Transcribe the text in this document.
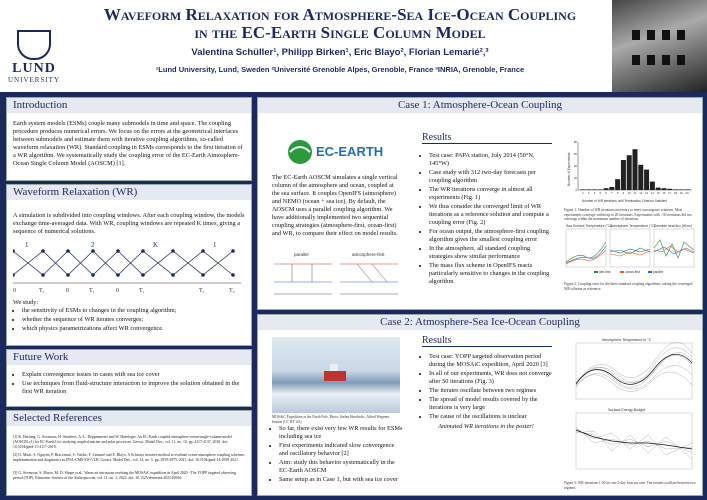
LUND
UNIVERSITY
Waveform Relaxation for Atmosphere-Sea Ice-Ocean Coupling
in the EC-Earth Single Column Model
Valentina Schüller¹, Philipp Birken¹, Eric Blayo², Florian Lemarié²,³
¹Lund University, Lund, Sweden ²Université Grenoble Alpes, Grenoble, France ³INRIA, Grenoble, France
Introduction
Earth system models (ESMs) couple many submodels in time and space. The coupling procedure produces numerical errors. We focus on the errors at the geometrical interfaces between submodels and estimate them with iterative coupling algorithms, so-called waveform relaxation (WR). Standard coupling in ESMs corresponds to the first iteration of a WR algorithm. We systematically study the coupling error of the EC-Earth Atmosphere-Ocean Single Column Model (AOSCM) [1].
Waveform Relaxation (WR)
A simulation is subdivided into coupling windows. After each coupling window, the models exchange time-averaged data. With WR, coupling windows are repeated K times, giving a sequence of numerical solutions.
1	2	K	1
0	T₁	0	T₁	0	T₁	T₁	T₂
We study:
• the sensitivity of ESMs to changes in the coupling algorithm;
• whether the sequence of WR iterates converges;
• which physics parametrizations affect WR convergence.
Future Work
• Explain convergence issues in cases with sea ice cover
• Use techniques from fluid-structure interaction to improve the solution obtained in the first WR iteration
Selected References
[1] K. Hartung, G. Svensson, H. Struthers, A.-L. Deppenmeier and W. Hazeleger, An EC-Earth coupled atmosphere-ocean single-column model (AOSCM.v1) for EC-Earth3 for studying coupled marine and polar processes. Geosci. Model Dev., vol. 11, no. 10, pp. 4117-4137, 2018. doi: 10.5194/gmd-11-4117-2018.
[2] O. Marti, S. Nguyen, P. Braconnot, S. Valcke, F. Lemarié and E. Blayo, A Schwarz iterative method to evaluate ocean-atmosphere coupling schemes: implementation and diagnostics in IPSL-CM6-SW-VLR. Geosci. Model Dev., vol. 14, no. 5, pp. 2959-2975, 2021. doi: 10.5194/gmd-14-2959-2021.
[3] G. Svensson, S. Murto, M. D. Shupe et al., Warm air intrusions reaching the MOSAiC expedition in April 2020 - The YOPP targeted observing period (TOP). Elementa: Science of the Anthropocene, vol. 11, no. 1, 2023. doi: 10.1525/elementa.2023.00016.
Case 1: Atmosphere-Ocean Coupling
EC-EARTH
The EC-Earth AOSCM simulates a single vertical column of the atmosphere and ocean, coupled at the sea surface. It couples OpenIFS (atmosphere) and NEMO (ocean + sea ice). By default, the AOSCM uses a parallel coupling algorithm. We have additionally implemented two sequential coupling strategies (atmosphere-first, ocean-first) and WR, to compare their effect on model results.
parallel	atmosphere-first
Results
• Test case: PAPA station, July 2014 (50°N, 145°W)
• Case study with 312 two-day forecasts per coupling algorithm
• The WR iterations converge in almost all experiments (Fig. 1)
• We thus consider the converged limit of WR iterations as a reference solution and compute a coupling error (Fig. 2)
• For ocean output, the atmosphere-first coupling algorithm gives the smallest coupling error
• In the atmosphere, all standard coupling strategies show similar performance
• The mass flux scheme in OpenIFS reacts particularly sensitive to changes in the coupling algorithm
2 3 4 5 6 7 8 9 10 11 12 13 14 15 16 17 18 19 20
0
20
40
60
80
Number of WR iterations until Termination Criterion Satisfied
Number of Experiments
Figure 1: Number of WR iterations necessary to meet convergence criterion. Most experiments converge within up to 20 iterations. Experiments with >30 iterations did not converge within the maximum number of iterations.
Sea Surface Temperature (°C)
Atmosphere Temperature (°C)
Sensible heat flux (W/m²)
atm-first	ocean-first	parallel
Figure 2: Coupling error for the three standard coupling algorithms; taking the converged WR solution as reference.
Case 2: Atmosphere-Sea Ice-Ocean Coupling
MOSAiC Expedition at the North Pole, Photo: Stefan Hendricks, Alfred Wegener Institut (CC BY 4.0)
• So far, there exist very few WR results for ESMs including sea ice
• First experiments indicated slow convergence and oscillatory behavior [2]
• Aim: study this behavior systematically in the EC-Earth AOSCM
• Same setup as in Case 1, but with sea ice cover
Results
• Test case: YOPP targeted observation period during the MOSAiC expedition, April 2020 [3]
• In all of our experiments, WR does not converge after 50 iterations (Fig. 3)
• The iterates oscillate between two regimes
• The spread of model results covered by the iterations is very large
• The cause of the oscillations is unclear
Animated WR iterations in the poster!
Atmosphere Temperature in °C
Surface Energy Budget
Figure 3: WR iterations 1-50 for one 2-day forecast case. The iterates oscillate between two regimes.
